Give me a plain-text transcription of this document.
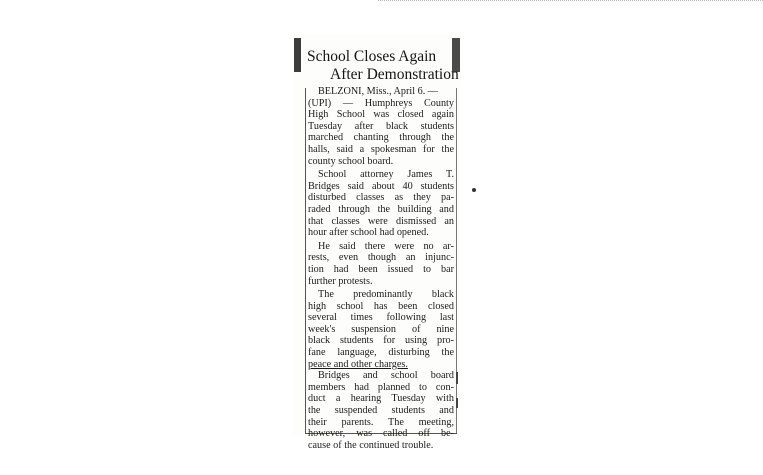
School Closes Again
After Demonstration
BELZONI, Miss., April 6. —
(UPI) — Humphreys County
High School was closed again
Tuesday after black students
marched chanting through the
halls, said a spokesman for the
county school board.
School attorney James T.
Bridges said about 40 students
disturbed classes as they pa-
raded through the building and
that classes were dismissed an
hour after school had opened.
He said there were no ar-
rests, even though an injunc-
tion had been issued to bar
further protests.
The predominantly black
high school has been closed
several times following last
week's suspension of nine
black students for using pro-
fane language, disturbing the
peace and other charges.
Bridges and school board
members had planned to con-
duct a hearing Tuesday with
the suspended students and
their parents. The meeting,
however, was called off be-
cause of the continued trouble.
